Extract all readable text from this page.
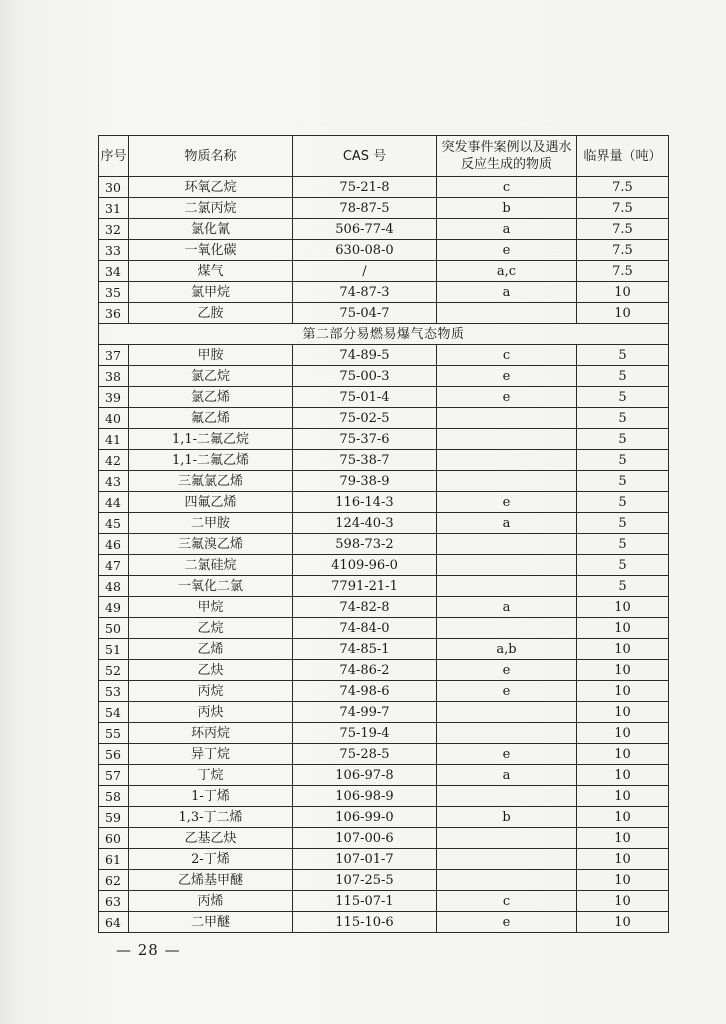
序号	物质名称	CAS 号	突发事件案例以及遇水反应生成的物质	临界量（吨）
30	环氧乙烷	75-21-8	c	7.5
31	二氯丙烷	78-87-5	b	7.5
32	氯化氰	506-77-4	a	7.5
33	一氧化碳	630-08-0	e	7.5
34	煤气	/	a,c	7.5
35	氯甲烷	74-87-3	a	10
36	乙胺	75-04-7		10
第二部分易燃易爆气态物质				
37	甲胺	74-89-5	c	5
38	氯乙烷	75-00-3	e	5
39	氯乙烯	75-01-4	e	5
40	氟乙烯	75-02-5		5
41	1,1-二氟乙烷	75-37-6		5
42	1,1-二氟乙烯	75-38-7		5
43	三氟氯乙烯	79-38-9		5
44	四氟乙烯	116-14-3	e	5
45	二甲胺	124-40-3	a	5
46	三氟溴乙烯	598-73-2		5
47	二氯硅烷	4109-96-0		5
48	一氧化二氯	7791-21-1		5
49	甲烷	74-82-8	a	10
50	乙烷	74-84-0		10
51	乙烯	74-85-1	a,b	10
52	乙炔	74-86-2	e	10
53	丙烷	74-98-6	e	10
54	丙炔	74-99-7		10
55	环丙烷	75-19-4		10
56	异丁烷	75-28-5	e	10
57	丁烷	106-97-8	a	10
58	1-丁烯	106-98-9		10
59	1,3-丁二烯	106-99-0	b	10
60	乙基乙炔	107-00-6		10
61	2-丁烯	107-01-7		10
62	乙烯基甲醚	107-25-5		10
63	丙烯	115-07-1	c	10
64	二甲醚	115-10-6	e	10
— 28 —
